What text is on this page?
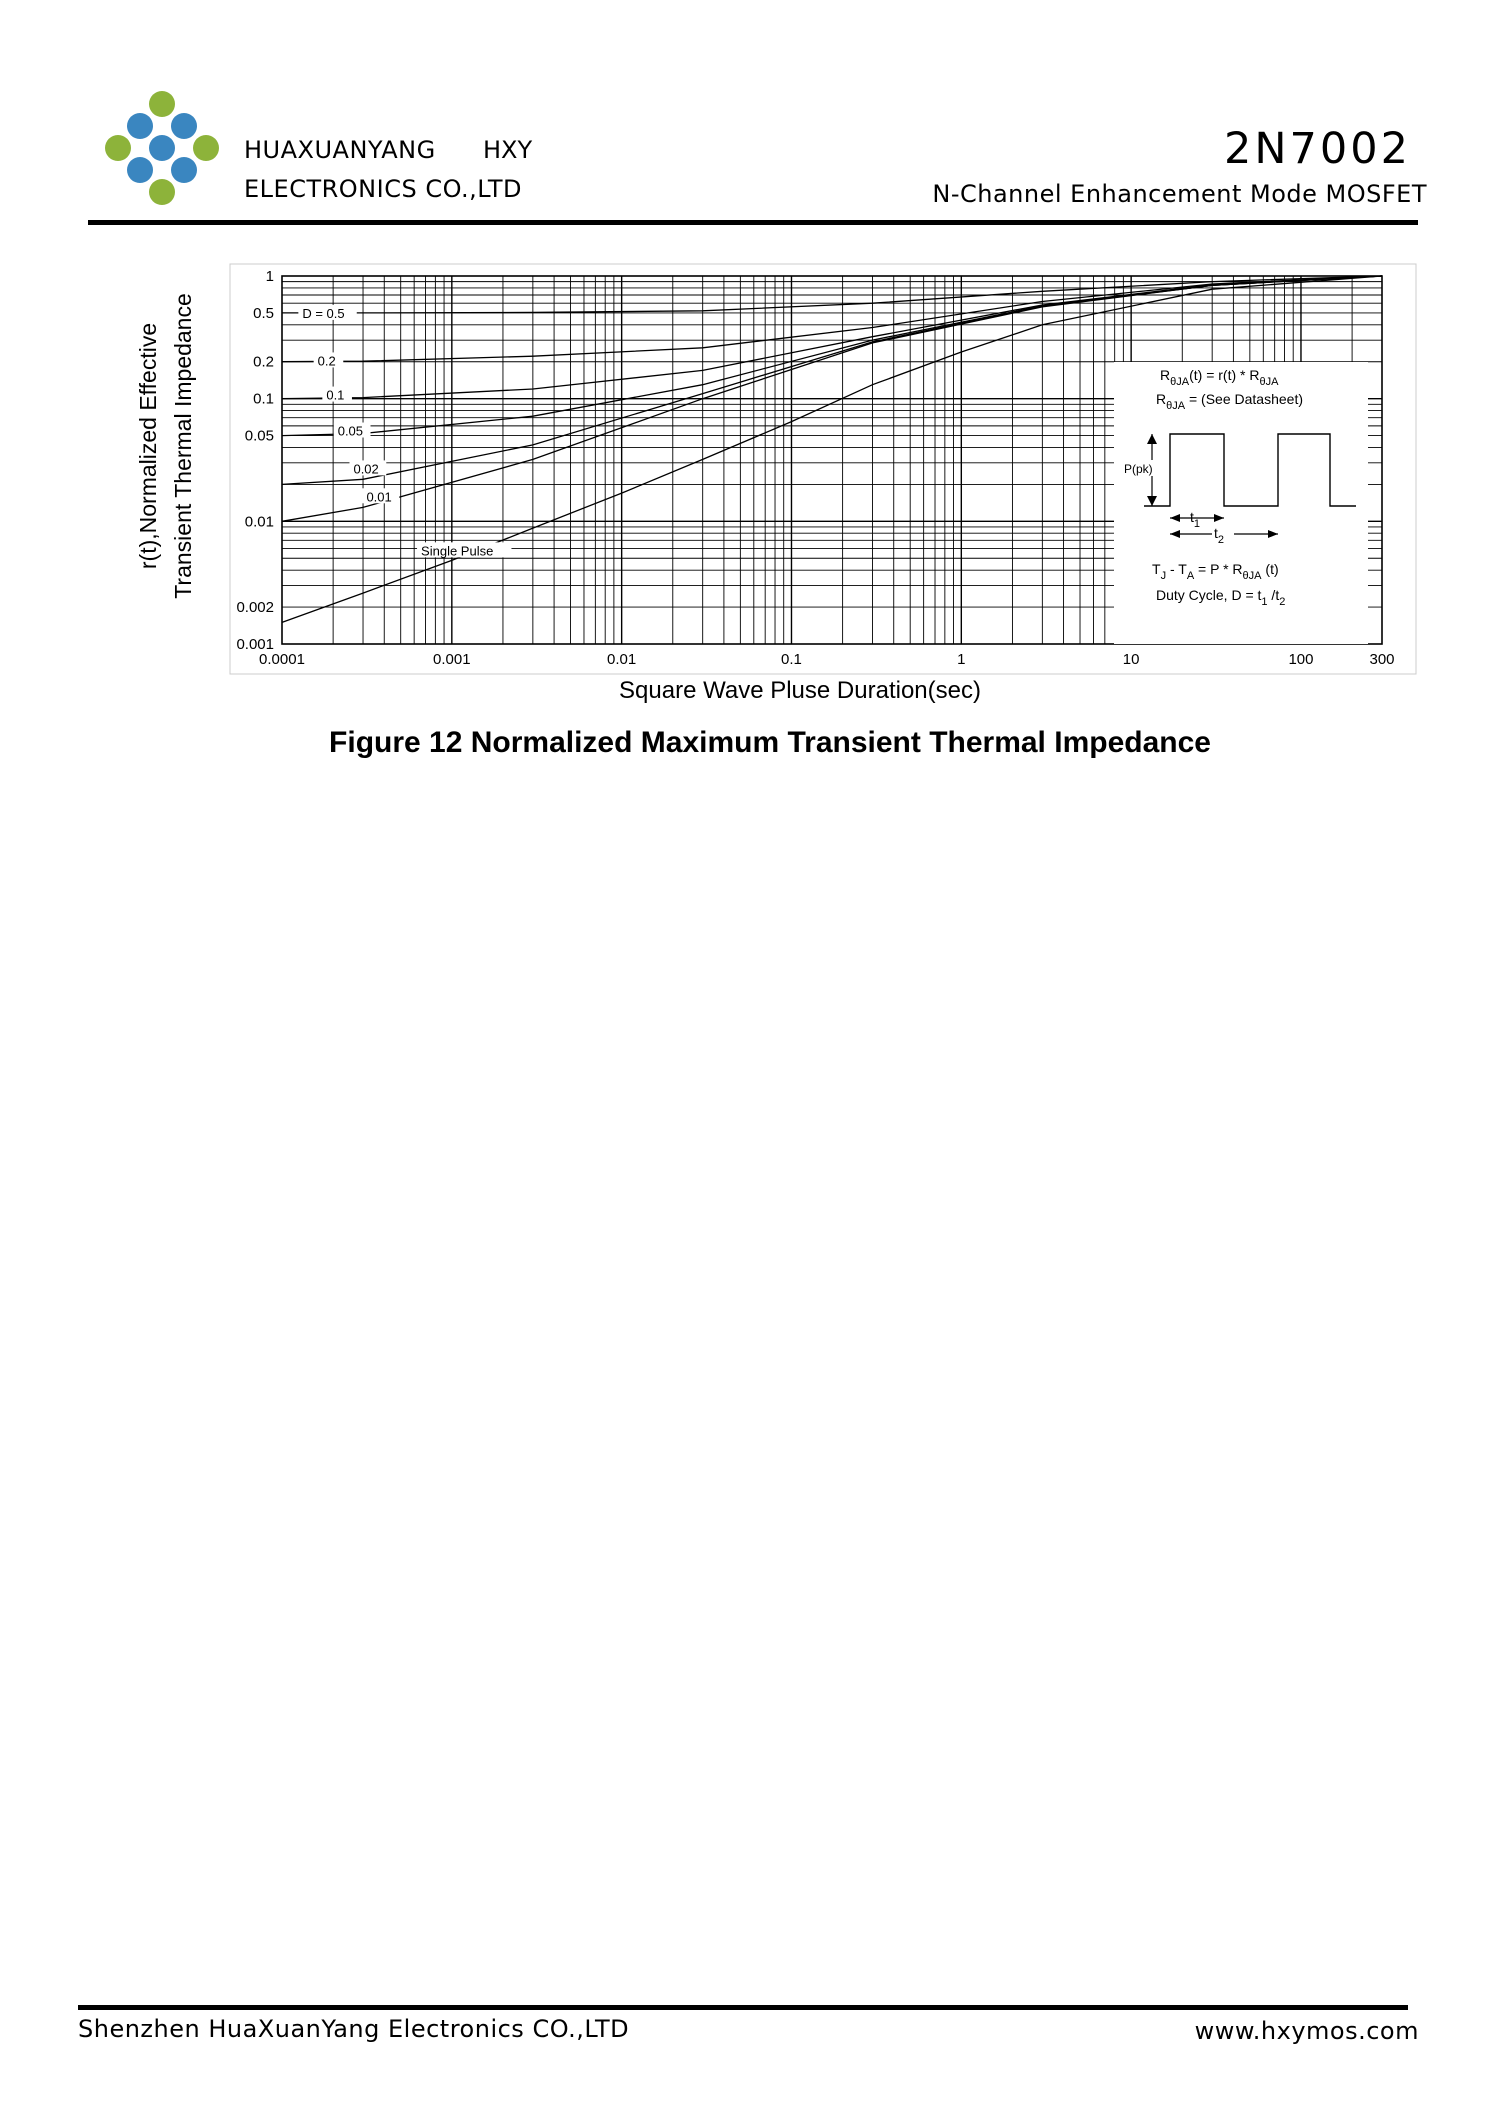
HUAXUANYANG HXY
ELECTRONICS CO.,LTD
2N7002
N-Channel Enhancement Mode MOSFET
0.0001	0.001	0.01	0.1	1	10	100	300
1
0.5
0.2
0.1
0.05
0.01
0.002
0.001
Square Wave Pluse Duration(sec)
r(t),Normalized Effective Transient Thermal Impedance	D = 0.5
0.2
0.1
0.05
0.02
0.01
Single Pulse
$R_{\theta JA}(t) = r(t) * R_{\theta JA}$
$R_{\theta JA} = (See$ Datasheet)
P(pk)
$t_1$
$t_2$
$T_J - T_A = P * R_{\theta JA}$ (t)
Duty Cycle, $D = t_1$ $/t_2$
Figure 12 Normalized Maximum Transient Thermal Impedance
Shenzhen HuaXuanYang Electronics CO.,LTD	www.hxymos.com
